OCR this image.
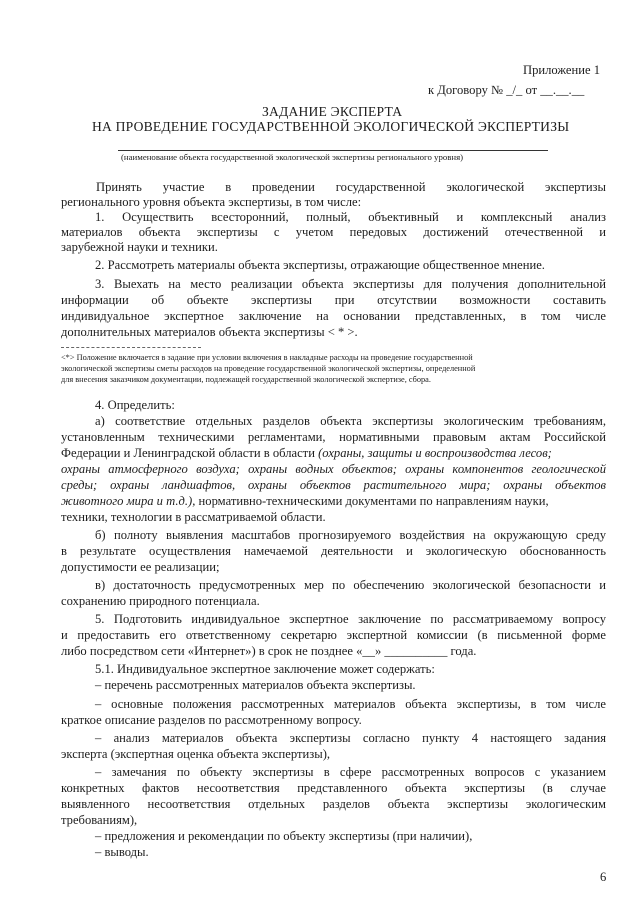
Приложение 1
к Договору № _/_ от __.__.__
ЗАДАНИЕ ЭКСПЕРТА
НА ПРОВЕДЕНИЕ ГОСУДАРСТВЕННОЙ ЭКОЛОГИЧЕСКОЙ ЭКСПЕРТИЗЫ
(наименование объекта государственной экологической экспертизы регионального уровня)
Принять участие в проведении государственной экологической экспертизы
регионального уровня объекта экспертизы, в том числе:
1. Осуществить всесторонний, полный, объективный и комплексный анализ
материалов объекта экспертизы с учетом передовых достижений отечественной и
зарубежной науки и техники.
2. Рассмотреть материалы объекта экспертизы, отражающие общественное мнение.
3. Выехать на место реализации объекта экспертизы для получения дополнительной
информации об объекте экспертизы при отсутствии возможности составить
индивидуальное экспертное заключение на основании представленных, в том числе
дополнительных материалов объекта экспертизы < * >.
<*> Положение включается в задание при условии включения в накладные расходы на проведение государственной
экологической экспертизы сметы расходов на проведение государственной экологической экспертизы, определенной
для внесения заказчиком документации, подлежащей государственной экологической экспертизе, сбора.
4. Определить:
а) соответствие отдельных разделов объекта экспертизы экологическим требованиям,
установленным техническими регламентами, нормативными правовым актам Российской
Федерации и Ленинградской области в области (охраны, защиты и воспроизводства лесов;
охраны атмосферного воздуха; охраны водных объектов; охраны компонентов геологической
среды; охраны ландшафтов, охраны объектов растительного мира; охраны объектов
животного мира и т.д.), нормативно-техническими документами по направлениям науки,
техники, технологии в рассматриваемой области.
б) полноту выявления масштабов прогнозируемого воздействия на окружающую среду
в результате осуществления намечаемой деятельности и экологическую обоснованность
допустимости ее реализации;
в) достаточность предусмотренных мер по обеспечению экологической безопасности и
сохранению природного потенциала.
5. Подготовить индивидуальное экспертное заключение по рассматриваемому вопросу
и предоставить его ответственному секретарю экспертной комиссии (в письменной форме
либо посредством сети «Интернет») в срок не позднее «__» __________ года.
5.1. Индивидуальное экспертное заключение может содержать:
– перечень рассмотренных материалов объекта экспертизы.
– основные положения рассмотренных материалов объекта экспертизы, в том числе
краткое описание разделов по рассмотренному вопросу.
– анализ материалов объекта экспертизы согласно пункту 4 настоящего задания
эксперта (экспертная оценка объекта экспертизы),
– замечания по объекту экспертизы в сфере рассмотренных вопросов с указанием
конкретных фактов несоответствия представленного объекта экспертизы (в случае
выявленного несоответствия отдельных разделов объекта экспертизы экологическим
требованиям),
– предложения и рекомендации по объекту экспертизы (при наличии),
– выводы.
6
